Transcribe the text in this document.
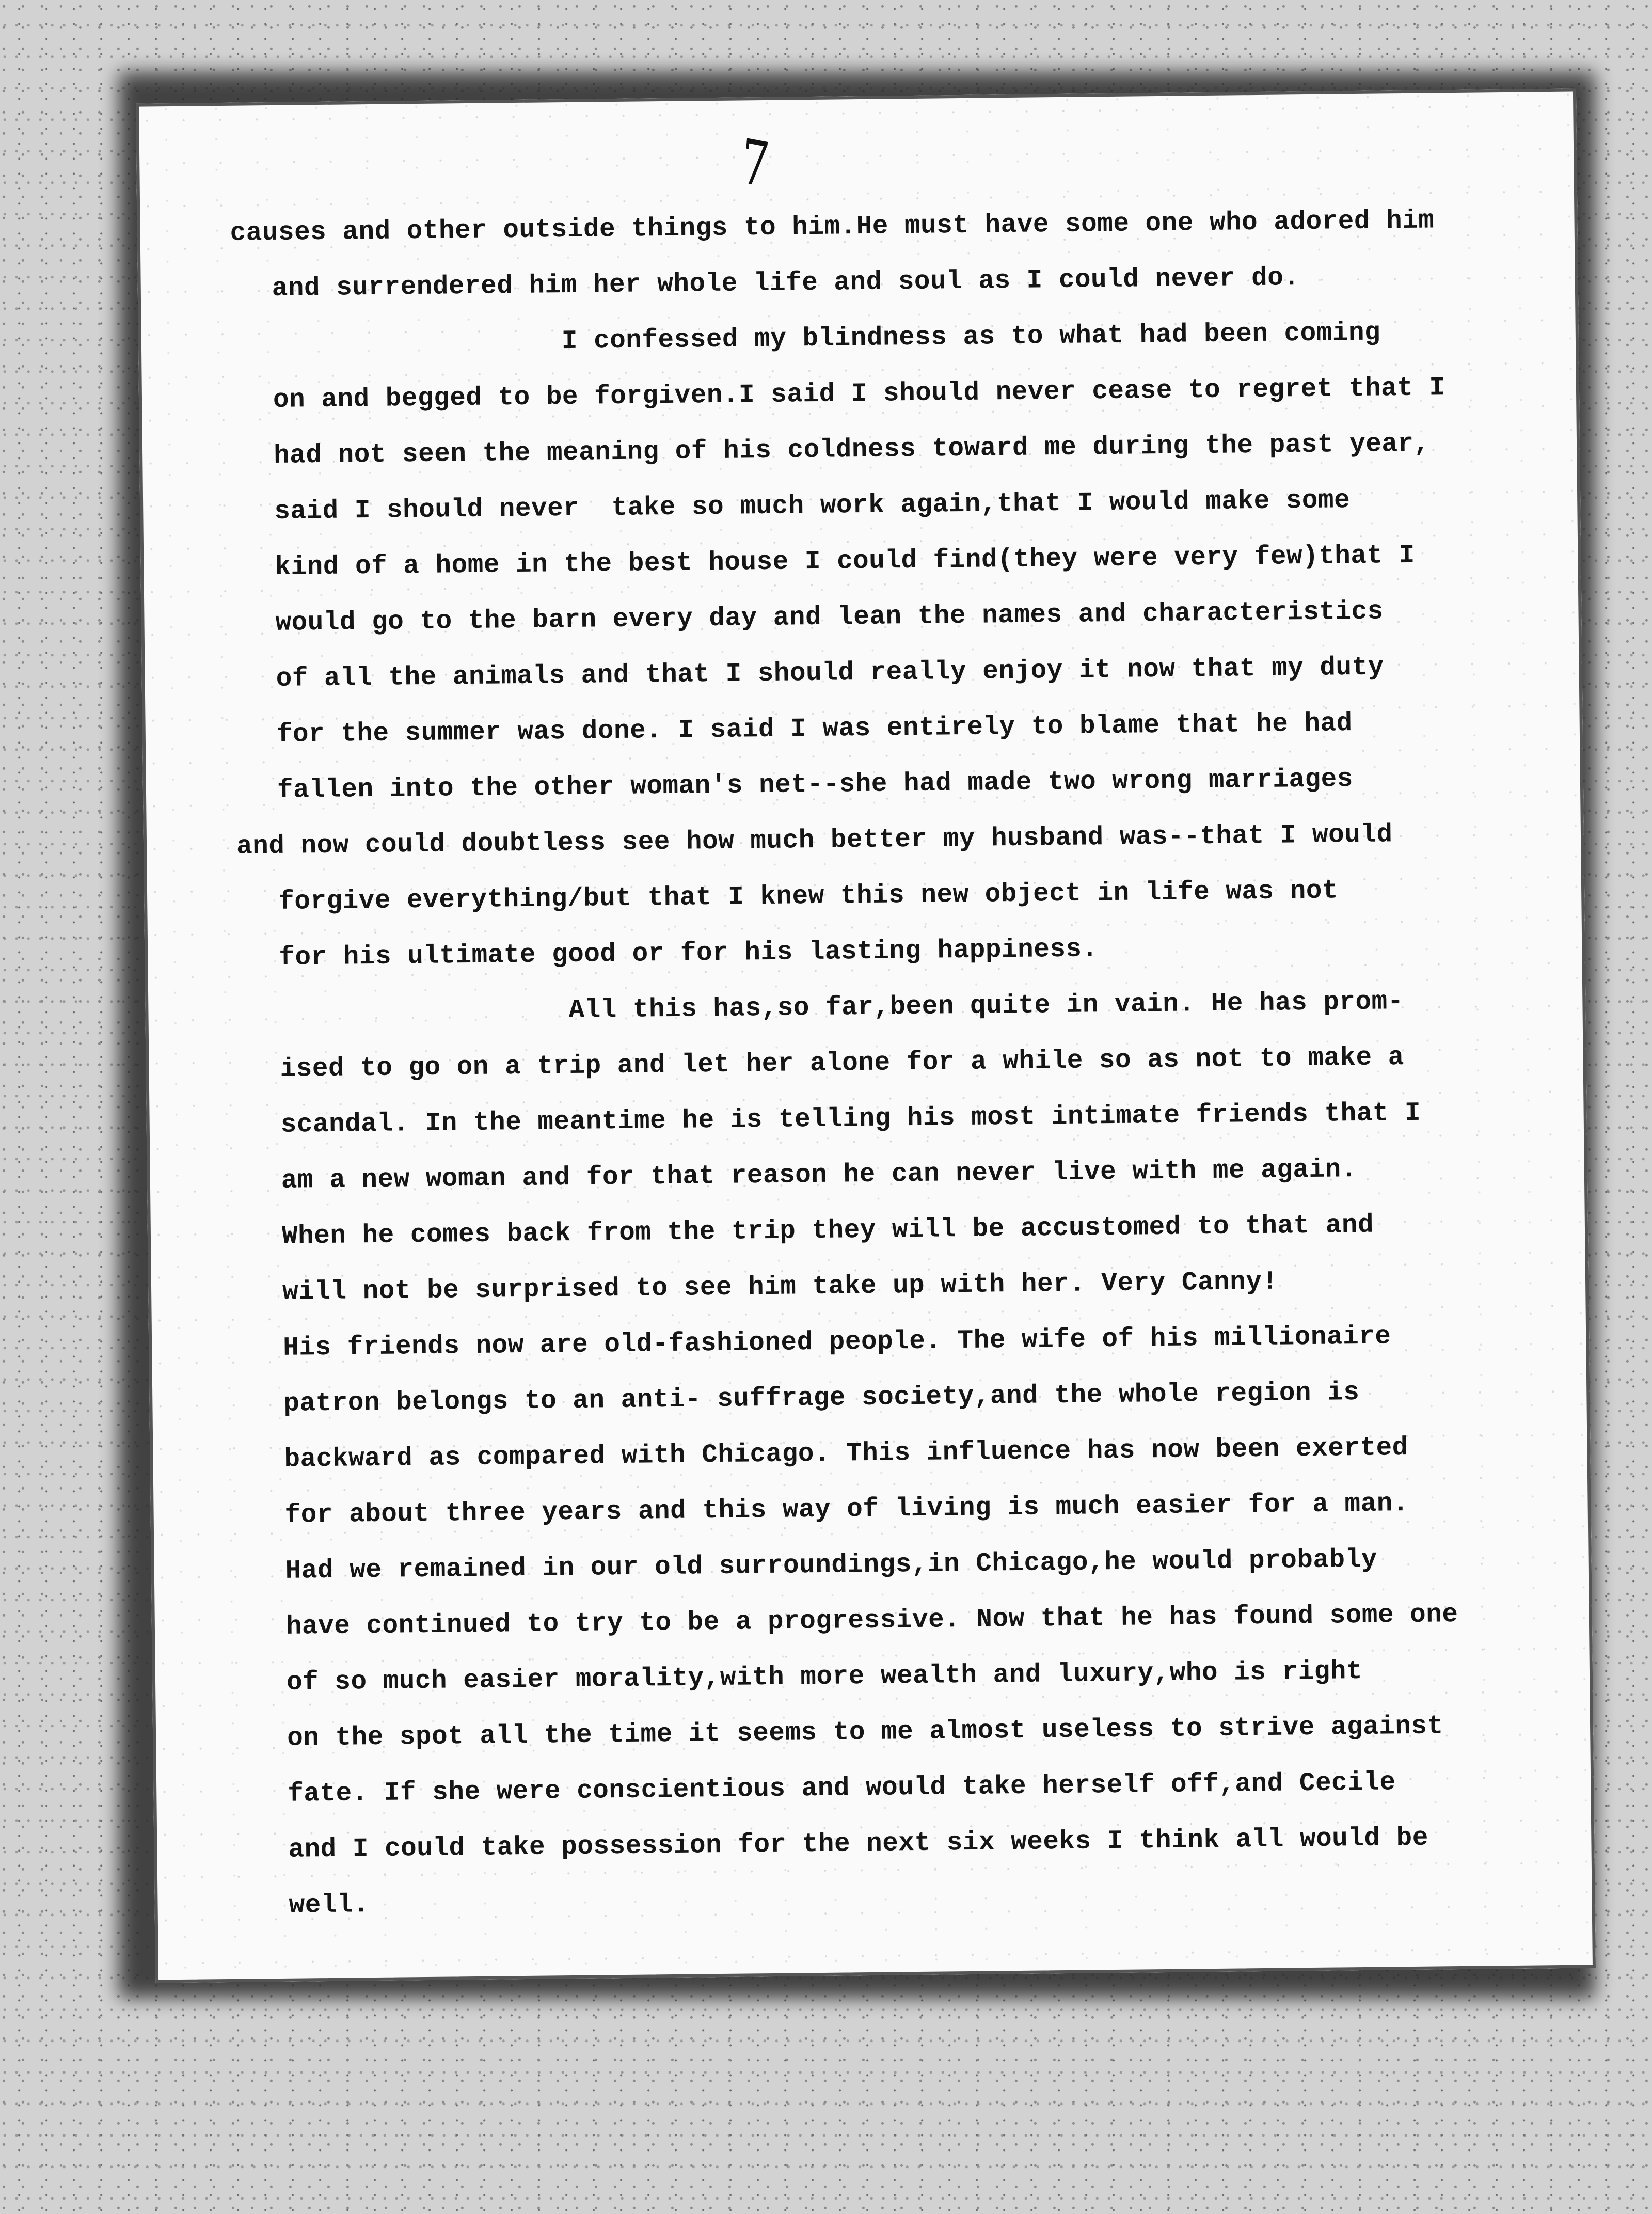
7
causes and other outside things to him.He must have some one who adored him
and surrendered him her whole life and soul as I could never do.
I confessed my blindness as to what had been coming
on and begged to be forgiven.I said I should never cease to regret that I
had not seen the meaning of his coldness toward me during the past year,
said I should never  take so much work again,that I would make some
kind of a home in the best house I could find(they were very few)that I
would go to the barn every day and lean the names and characteristics
of all the animals and that I should really enjoy it now that my duty
for the summer was done. I said I was entirely to blame that he had
fallen into the other woman's net--she had made two wrong marriages
and now could doubtless see how much better my husband was--that I would
forgive everything/but that I knew this new object in life was not
for his ultimate good or for his lasting happiness.
All this has,so far,been quite in vain. He has prom-
ised to go on a trip and let her alone for a while so as not to make a
scandal. In the meantime he is telling his most intimate friends that I
am a new woman and for that reason he can never live with me again.
When he comes back from the trip they will be accustomed to that and
will not be surprised to see him take up with her. Very Canny!
His friends now are old-fashioned people. The wife of his millionaire
patron belongs to an anti- suffrage society,and the whole region is
backward as compared with Chicago. This influence has now been exerted
for about three years and this way of living is much easier for a man.
Had we remained in our old surroundings,in Chicago,he would probably
have continued to try to be a progressive. Now that he has found some one
of so much easier morality,with more wealth and luxury,who is right
on the spot all the time it seems to me almost useless to strive against
fate. If she were conscientious and would take herself off,and Cecile
and I could take possession for the next six weeks I think all would be
well.
